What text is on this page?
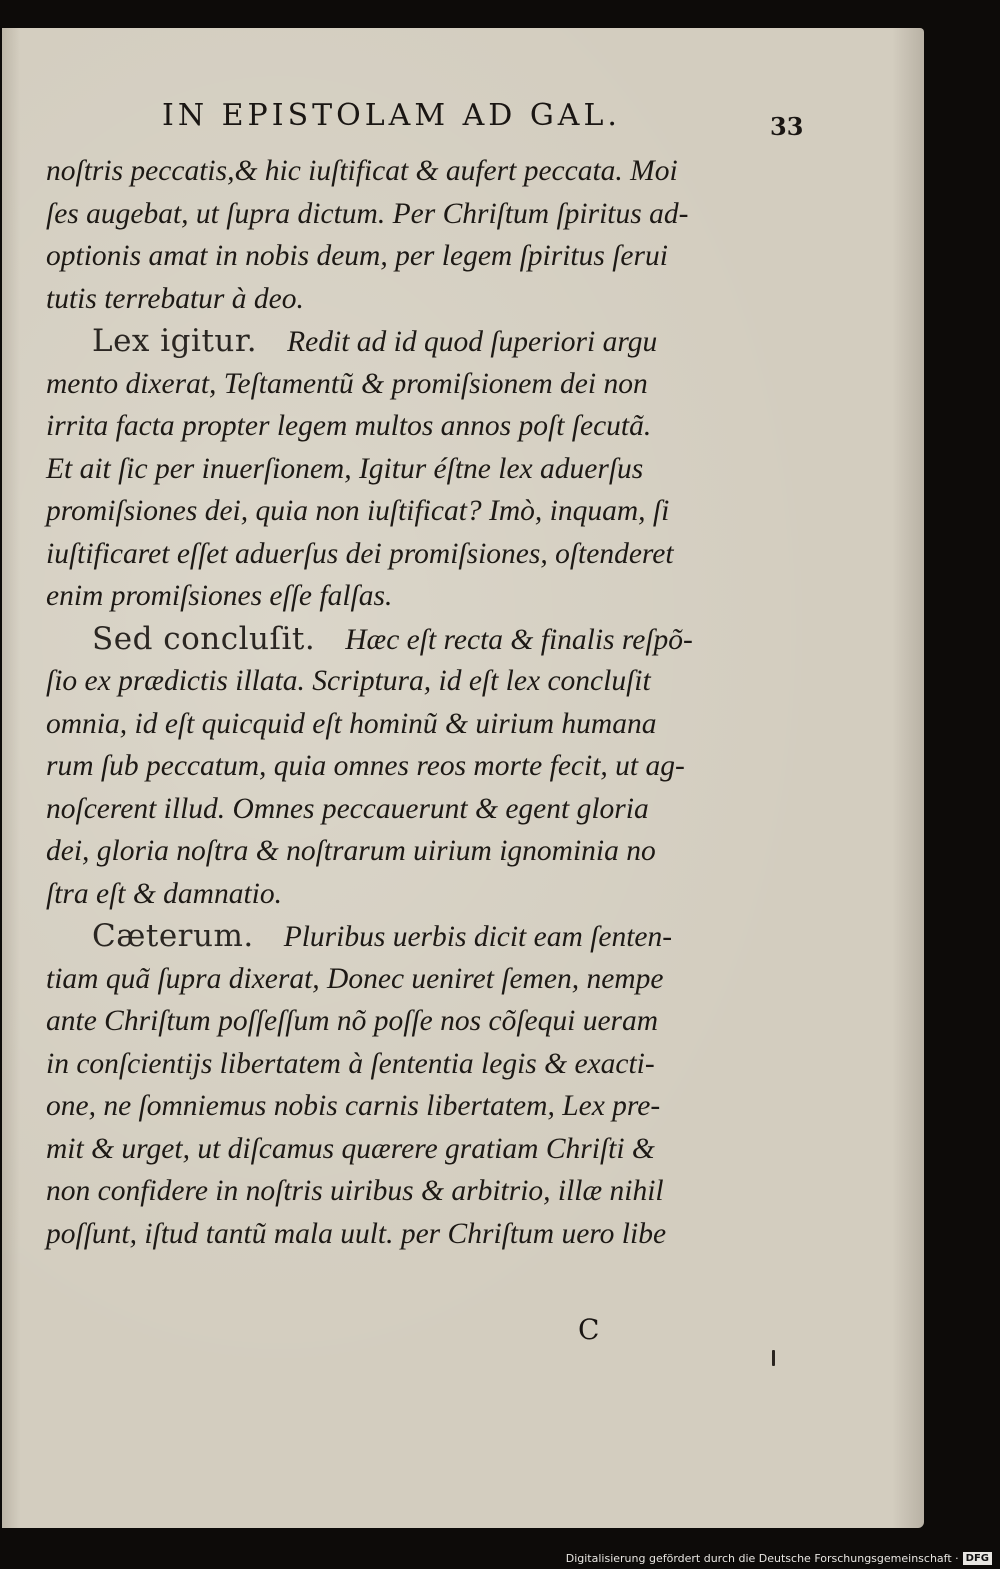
IN EPISTOLAM AD GAL.	33
noſtris peccatis,& hic iuſtificat & aufert peccata. Moi
ſes augebat, ut ſupra dictum. Per Chriſtum ſpiritus ad-
optionis amat in nobis deum, per legem ſpiritus ſerui
tutis terrebatur à deo.
Lex igitur. Redit ad id quod ſuperiori argu
mento dixerat, Teſtamentũ & promiſsionem dei non
irrita facta propter legem multos annos poſt ſecutã.
Et ait ſic per inuerſionem, Igitur éſtne lex aduerſus
promiſsiones dei, quia non iuſtificat? Imò, inquam, ſi
iuſtificaret eſſet aduerſus dei promiſsiones, oſtenderet
enim promiſsiones eſſe falſas.
Sed concluſit. Hæc eſt recta & finalis reſpõ-
ſio ex prædictis illata. Scriptura, id eſt lex concluſit
omnia, id eſt quicquid eſt hominũ & uirium humana
rum ſub peccatum, quia omnes reos morte fecit, ut ag-
noſcerent illud. Omnes peccauerunt & egent gloria
dei, gloria noſtra & noſtrarum uirium ignominia no
ſtra eſt & damnatio.
Cæterum. Pluribus uerbis dicit eam ſenten-
tiam quã ſupra dixerat, Donec ueniret ſemen, nempe
ante Chriſtum poſſeſſum nõ poſſe nos cõſequi ueram
in conſcientijs libertatem à ſententia legis & exacti-
one, ne ſomniemus nobis carnis libertatem, Lex pre-
mit & urget, ut diſcamus quærere gratiam Chriſti &
non confidere in noſtris uiribus & arbitrio, illæ nihil
poſſunt, iſtud tantũ mala uult. per Chriſtum uero libe
C
Digitalisierung gefördert durch die Deutsche Forschungsgemeinschaft · DFG
